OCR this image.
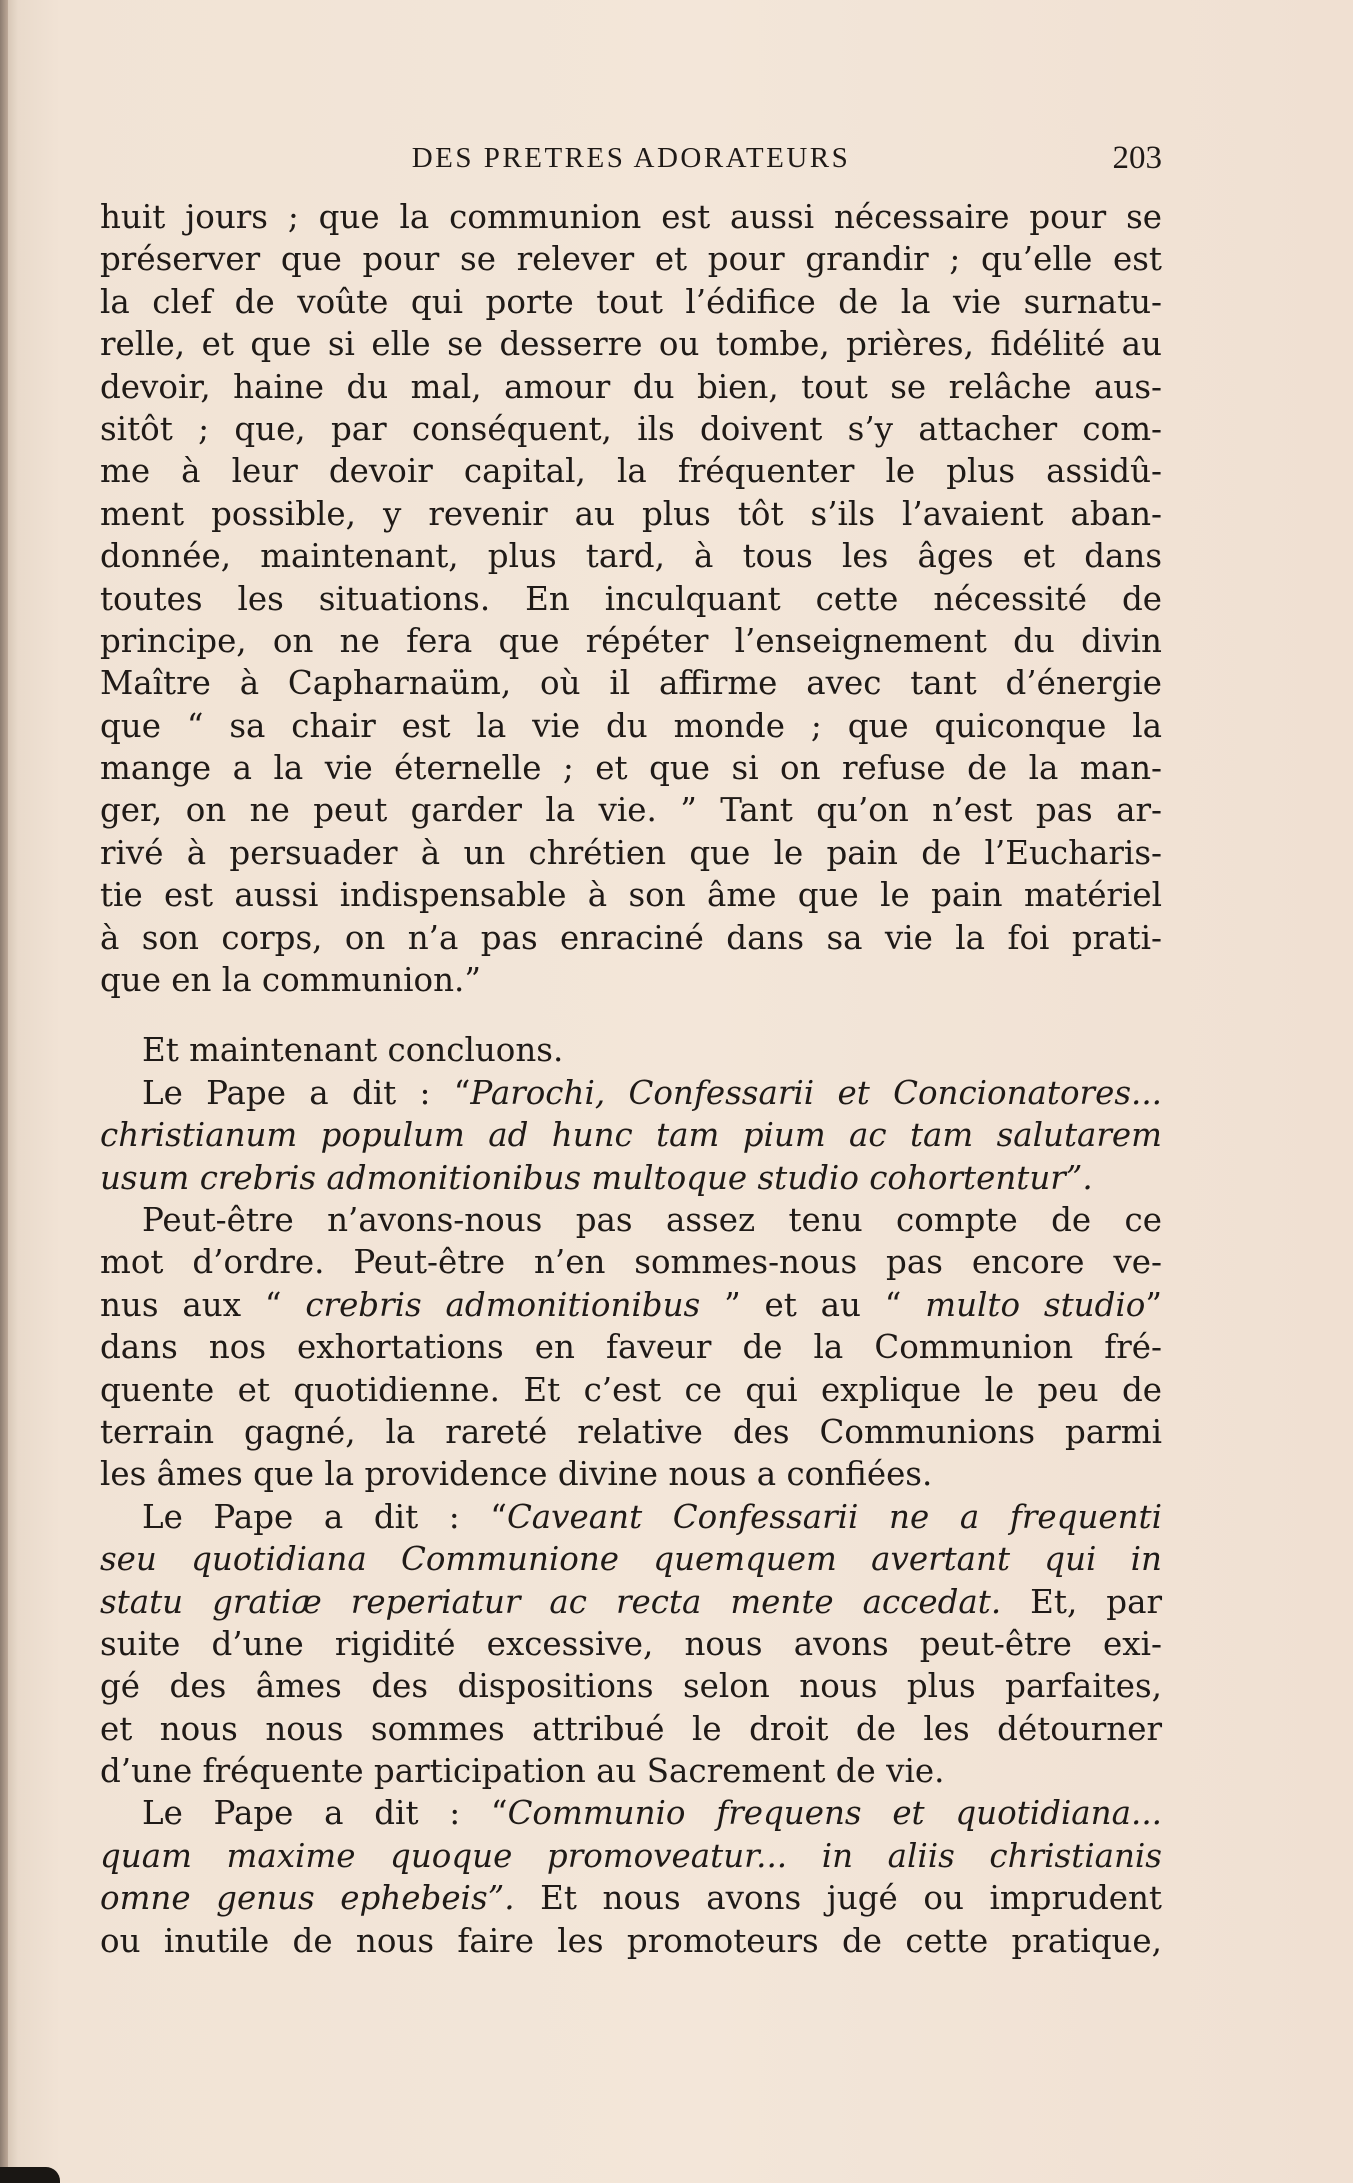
DES PRETRES ADORATEURS	203
huit jours ; que la communion est aussi nécessaire pour se
préserver que pour se relever et pour grandir ; qu’elle est
la clef de voûte qui porte tout l’édifice de la vie surnatu-
relle, et que si elle se desserre ou tombe, prières, fidélité au
devoir, haine du mal, amour du bien, tout se relâche aus-
sitôt ; que, par conséquent, ils doivent s’y attacher com-
me à leur devoir capital, la fréquenter le plus assidû-
ment possible, y revenir au plus tôt s’ils l’avaient aban-
donnée, maintenant, plus tard, à tous les âges et dans
toutes les situations. En inculquant cette nécessité de
principe, on ne fera que répéter l’enseignement du divin
Maître à Capharnaüm, où il affirme avec tant d’énergie
que “ sa chair est la vie du monde ; que quiconque la
mange a la vie éternelle ; et que si on refuse de la man-
ger, on ne peut garder la vie. ” Tant qu’on n’est pas ar-
rivé à persuader à un chrétien que le pain de l’Eucharis-
tie est aussi indispensable à son âme que le pain matériel
à son corps, on n’a pas enraciné dans sa vie la foi prati-
que en la communion.”
Et maintenant concluons.
Le Pape a dit : “Parochi, Confessarii et Concionatores...
christianum populum ad hunc tam pium ac tam salutarem
usum crebris admonitionibus multoque studio cohortentur”.
Peut-être n’avons-nous pas assez tenu compte de ce
mot d’ordre. Peut-être n’en sommes-nous pas encore ve-
nus aux “ crebris admonitionibus ” et au “ multo studio”
dans nos exhortations en faveur de la Communion fré-
quente et quotidienne. Et c’est ce qui explique le peu de
terrain gagné, la rareté relative des Communions parmi
les âmes que la providence divine nous a confiées.
Le Pape a dit : “Caveant Confessarii ne a frequenti
seu quotidiana Communione quemquem avertant qui in
statu gratiæ reperiatur ac recta mente accedat. Et, par
suite d’une rigidité excessive, nous avons peut-être exi-
gé des âmes des dispositions selon nous plus parfaites,
et nous nous sommes attribué le droit de les détourner
d’une fréquente participation au Sacrement de vie.
Le Pape a dit : “Communio frequens et quotidiana...
quam maxime quoque promoveatur... in aliis christianis
omne genus ephebeis”. Et nous avons jugé ou imprudent
ou inutile de nous faire les promoteurs de cette pratique,
